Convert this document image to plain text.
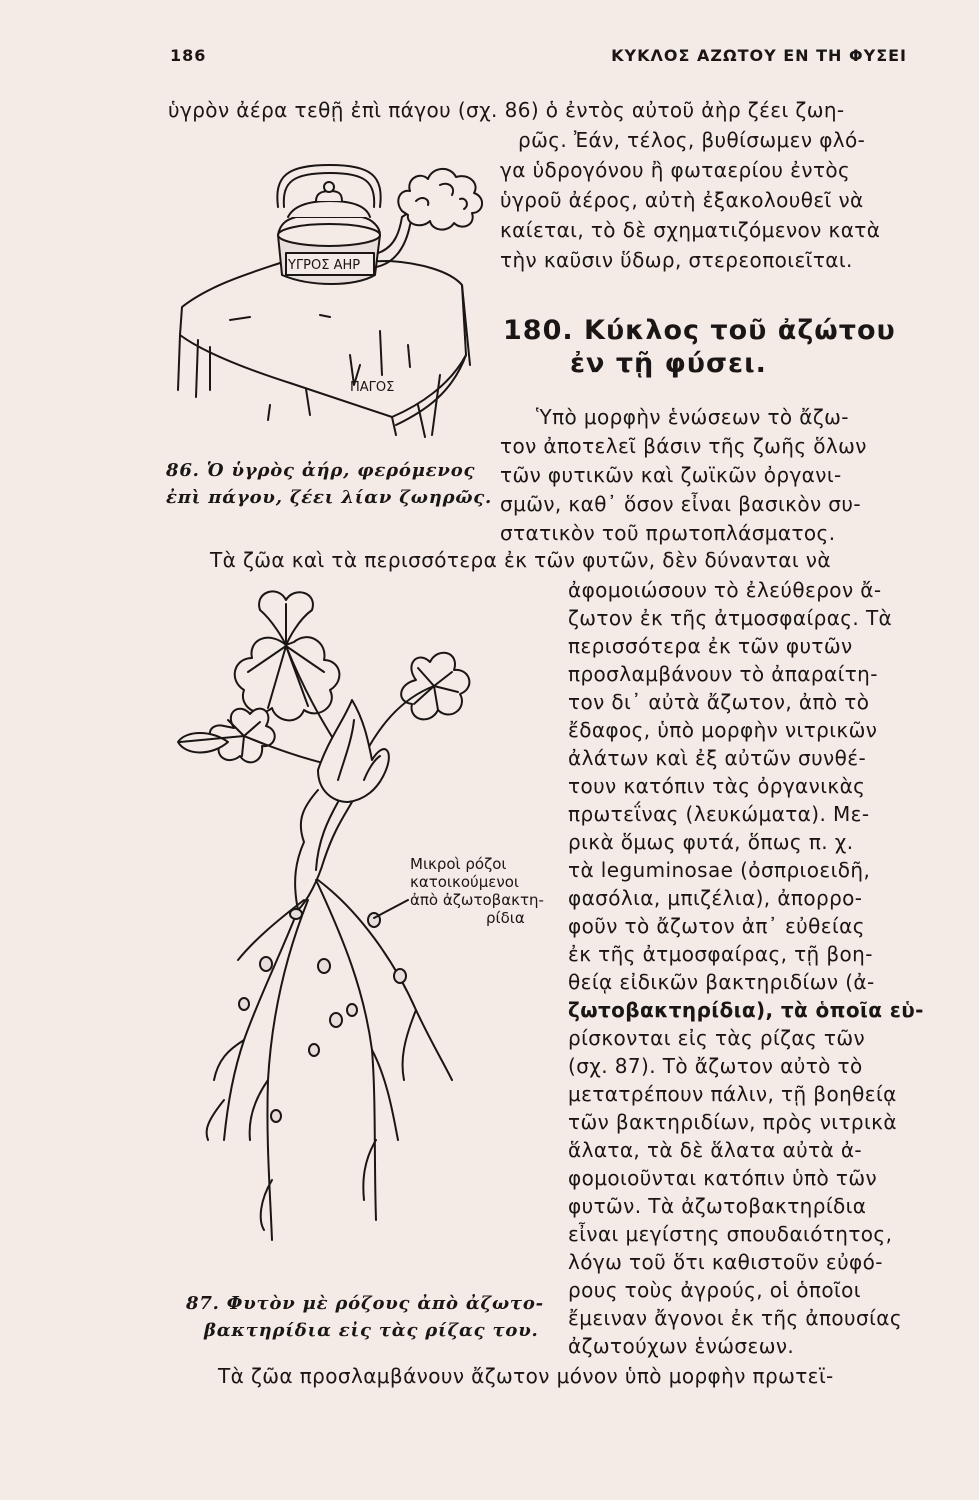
186	ΚΥΚΛΟΣ ΑΖΩΤΟΥ ΕΝ ΤΗ ΦΥΣΕΙ
ὑγρὸν ἀέρα τεθῇ ἐπὶ πάγου (σχ. 86) ὁ ἐντὸς αὐτοῦ ἀὴρ ζέει ζωη-
ρῶς. Ἐάν, τέλος, βυθίσωμεν φλό-
γα ὑδρογόνου ἢ φωταερίου ἐντὸς
ὑγροῦ ἀέρος, αὐτὴ ἐξακολουθεῖ νὰ
καίεται, τὸ δὲ σχηματιζόμενον κατὰ
τὴν καῦσιν ὕδωρ, στερεοποιεῖται.
ΠΑΓΟΣ
ΥΓΡΟΣ ΑΗΡ
86. Ὁ ὑγρὸς ἀήρ, φερόμενος
ἐπὶ πάγου, ζέει λίαν ζωηρῶς.
180. Κύκλος τοῦ ἀζώτου
ἐν τῇ φύσει.
Ὑπὸ μορφὴν ἑνώσεων τὸ ἄζω-
τον ἀποτελεῖ βάσιν τῆς ζωῆς ὅλων
τῶν φυτικῶν καὶ ζωϊκῶν ὀργανι-
σμῶν, καθ᾽ ὅσον εἶναι βασικὸν συ-
στατικὸν τοῦ πρωτοπλάσματος.
Τὰ ζῶα καὶ τὰ περισσότερα ἐκ τῶν φυτῶν, δὲν δύνανται νὰ
ἀφομοιώσουν τὸ ἐλεύθερον ἄ-
ζωτον ἐκ τῆς ἀτμοσφαίρας. Τὰ
περισσότερα ἐκ τῶν φυτῶν
προσλαμβάνουν τὸ ἀπαραίτη-
τον δι᾽ αὐτὰ ἄζωτον, ἀπὸ τὸ
ἔδαφος, ὑπὸ μορφὴν νιτρικῶν
ἀλάτων καὶ ἐξ αὐτῶν συνθέ-
τουν κατόπιν τὰς ὀργανικὰς
πρωτεΐνας (λευκώματα). Με-
ρικὰ ὅμως φυτά, ὅπως π. χ.
τὰ leguminosae (ὀσπριοειδῆ,
φασόλια, μπιζέλια), ἀπορρο-
φοῦν τὸ ἄζωτον ἀπ᾽ εὐθείας
ἐκ τῆς ἀτμοσφαίρας, τῇ βοη-
θείᾳ εἰδικῶν βακτηριδίων (ἀ-
ζωτοβακτηρίδια), τὰ ὁποῖα εὑ-
ρίσκονται εἰς τὰς ρίζας τῶν
(σχ. 87). Τὸ ἄζωτον αὐτὸ τὸ
μετατρέπουν πάλιν, τῇ βοηθείᾳ
τῶν βακτηριδίων, πρὸς νιτρικὰ
ἅλατα, τὰ δὲ ἅλατα αὐτὰ ἀ-
φομοιοῦνται κατόπιν ὑπὸ τῶν
φυτῶν. Τὰ ἀζωτοβακτηρίδια
εἶναι μεγίστης σπουδαιότητος,
λόγω τοῦ ὅτι καθιστοῦν εὐφό-
ρους τοὺς ἀγρούς, οἱ ὁποῖοι
ἔμειναν ἄγονοι ἐκ τῆς ἀπουσίας
ἀζωτούχων ἑνώσεων.
Μικροὶ ρόζοι
κατοικούμενοι
ἀπὸ ἀζωτοβακτη-
ρίδια
87. Φυτὸν μὲ ρόζους ἀπὸ ἀζωτο-
βακτηρίδια εἰς τὰς ρίζας του.
Τὰ ζῶα προσλαμβάνουν ἄζωτον μόνον ὑπὸ μορφὴν πρωτεϊ-
